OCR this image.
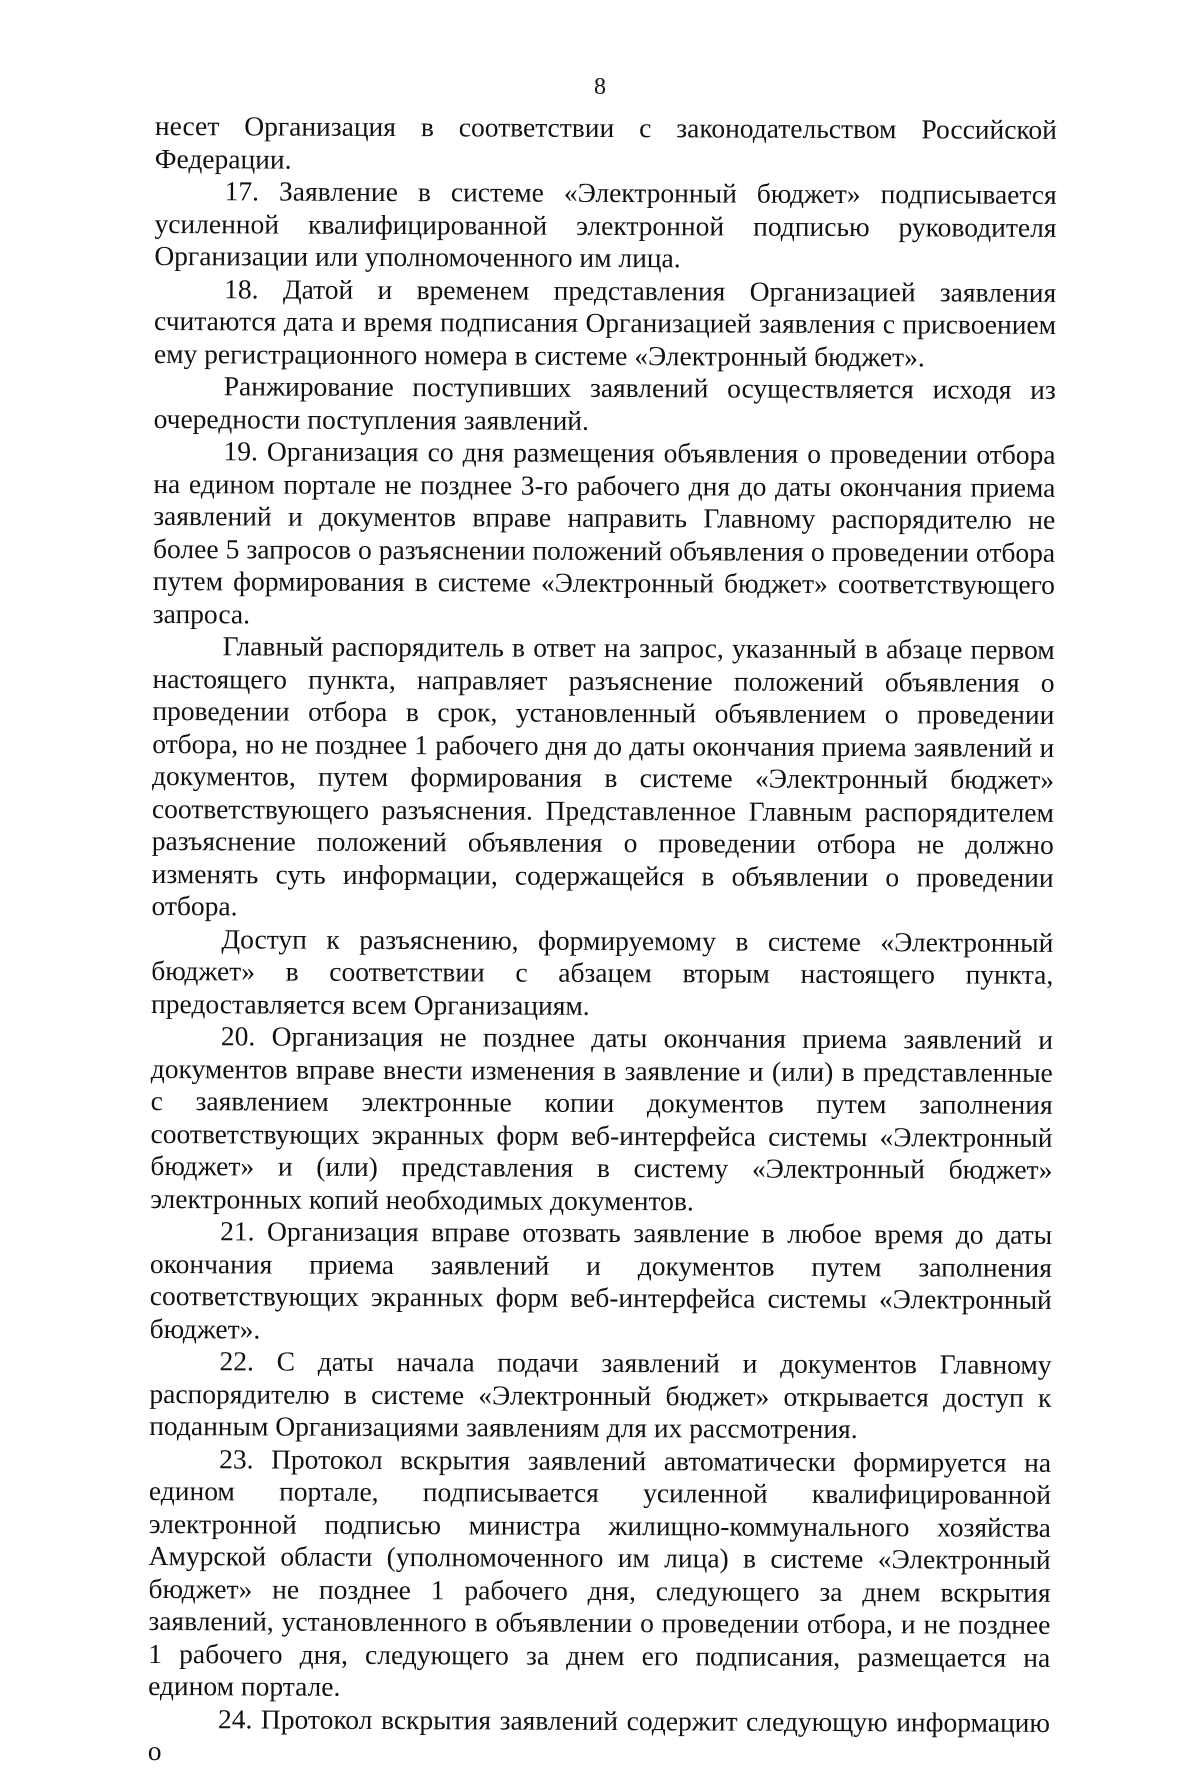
8

несет Организация в соответствии с законодательством Российской Федерации.

17. Заявление в системе «Электронный бюджет» подписывается усиленной квалифицированной электронной подписью руководителя Организации или уполномоченного им лица.

18. Датой и временем представления Организацией заявления считаются дата и время подписания Организацией заявления с присвоением ему регистрационного номера в системе «Электронный бюджет».

Ранжирование поступивших заявлений осуществляется исходя из очередности поступления заявлений.

19. Организация со дня размещения объявления о проведении отбора на едином портале не позднее 3-го рабочего дня до даты окончания приема заявлений и документов вправе направить Главному распорядителю не более 5 запросов о разъяснении положений объявления о проведении отбора путем формирования в системе «Электронный бюджет» соответствующего запроса.

Главный распорядитель в ответ на запрос, указанный в абзаце первом настоящего пункта, направляет разъяснение положений объявления о проведении отбора в срок, установленный объявлением о проведении отбора, но не позднее 1 рабочего дня до даты окончания приема заявлений и документов, путем формирования в системе «Электронный бюджет» соответствующего разъяснения. Представленное Главным распорядителем разъяснение положений объявления о проведении отбора не должно изменять суть информации, содержащейся в объявлении о проведении отбора.

Доступ к разъяснению, формируемому в системе «Электронный бюджет» в соответствии с абзацем вторым настоящего пункта, предоставляется всем Организациям.

20. Организация не позднее даты окончания приема заявлений и документов вправе внести изменения в заявление и (или) в представленные с заявлением электронные копии документов путем заполнения соответствующих экранных форм веб-интерфейса системы «Электронный бюджет» и (или) представления в систему «Электронный бюджет» электронных копий необходимых документов.

21. Организация вправе отозвать заявление в любое время до даты окончания приема заявлений и документов путем заполнения соответствующих экранных форм веб-интерфейса системы «Электронный бюджет».

22. С даты начала подачи заявлений и документов Главному распорядителю в системе «Электронный бюджет» открывается доступ к поданным Организациями заявлениям для их рассмотрения.

23. Протокол вскрытия заявлений автоматически формируется на едином портале, подписывается усиленной квалифицированной электронной подписью министра жилищно-коммунального хозяйства Амурской области (уполномоченного им лица) в системе «Электронный бюджет» не позднее 1 рабочего дня, следующего за днем вскрытия заявлений, установленного в объявлении о проведении отбора, и не позднее 1 рабочего дня, следующего за днем его подписания, размещается на едином портале.

24. Протокол вскрытия заявлений содержит следующую информацию о
